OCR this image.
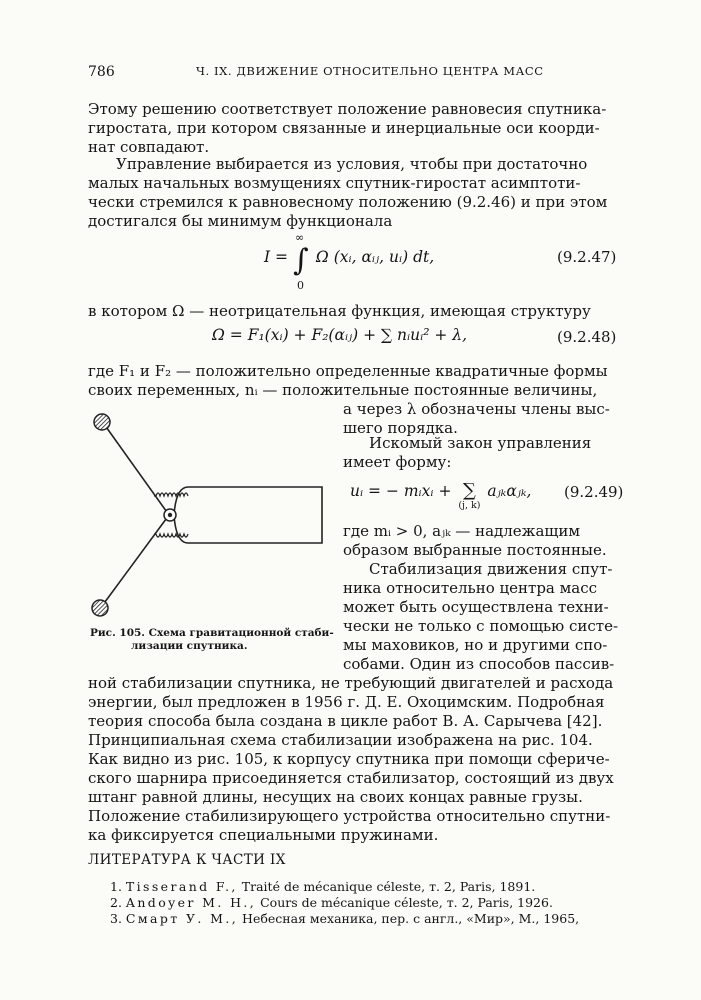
786	Ч. IX. ДВИЖЕНИЕ ОТНОСИТЕЛЬНО ЦЕНТРА МАСС
Этому решению соответствует положение равновесия спутника-
гиростата, при котором связанные и инерциальные оси коорди-
нат совпадают.
Управление выбирается из условия, чтобы при достаточно
малых начальных возмущениях спутник-гиростат асимптоти-
чески стремился к равновесному положению (9.2.46) и при этом
достигался бы минимум функционала
I = ∫
∞
0
Ω (xᵢ, αᵢⱼ, uᵢ) dt,	(9.2.47)
в котором Ω — неотрицательная функция, имеющая структуру
Ω = F₁(xᵢ) + F₂(αᵢⱼ) + ∑ nᵢuᵢ² + λ,	(9.2.48)
где F₁ и F₂ — положительно определенные квадратичные формы
своих переменных, nᵢ — положительные постоянные величины,
а через λ обозначены члены выс-
шего порядка.
Искомый закон управления
имеет форму:
uᵢ = − mᵢxᵢ + ∑
(j, k)
aⱼₖαⱼₖ, (9.2.49)
где mᵢ > 0, aⱼₖ — надлежащим
образом выбранные постоянные.
Стабилизация движения спут-
ника относительно центра масс
может быть осуществлена техни-
чески не только с помощью систе-
мы маховиков, но и другими спо-
собами. Один из способов пассив-
ной стабилизации спутника, не требующий двигателей и расхода
энергии, был предложен в 1956 г. Д. Е. Охоцимским. Подробная
теория способа была создана в цикле работ В. А. Сарычева [42].
Принципиальная схема стабилизации изображена на рис. 104.
Как видно из рис. 105, к корпусу спутника при помощи сфериче-
ского шарнира присоединяется стабилизатор, состоящий из двух
штанг равной длины, несущих на своих концах равные грузы.
Положение стабилизирующего устройства относительно спутни-
ка фиксируется специальными пружинами.
Рис. 105. Схема гравитационной стаби-
лизации спутника.
ЛИТЕРАТУРА К ЧАСТИ IX
1. Tisserand F., Traité de mécanique céleste, т. 2, Paris, 1891.
2. Andoyer M. H., Cours de mécanique céleste, т. 2, Paris, 1926.
3. Смарт У. М., Небесная механика, пер. с англ., «Мир», М., 1965,
